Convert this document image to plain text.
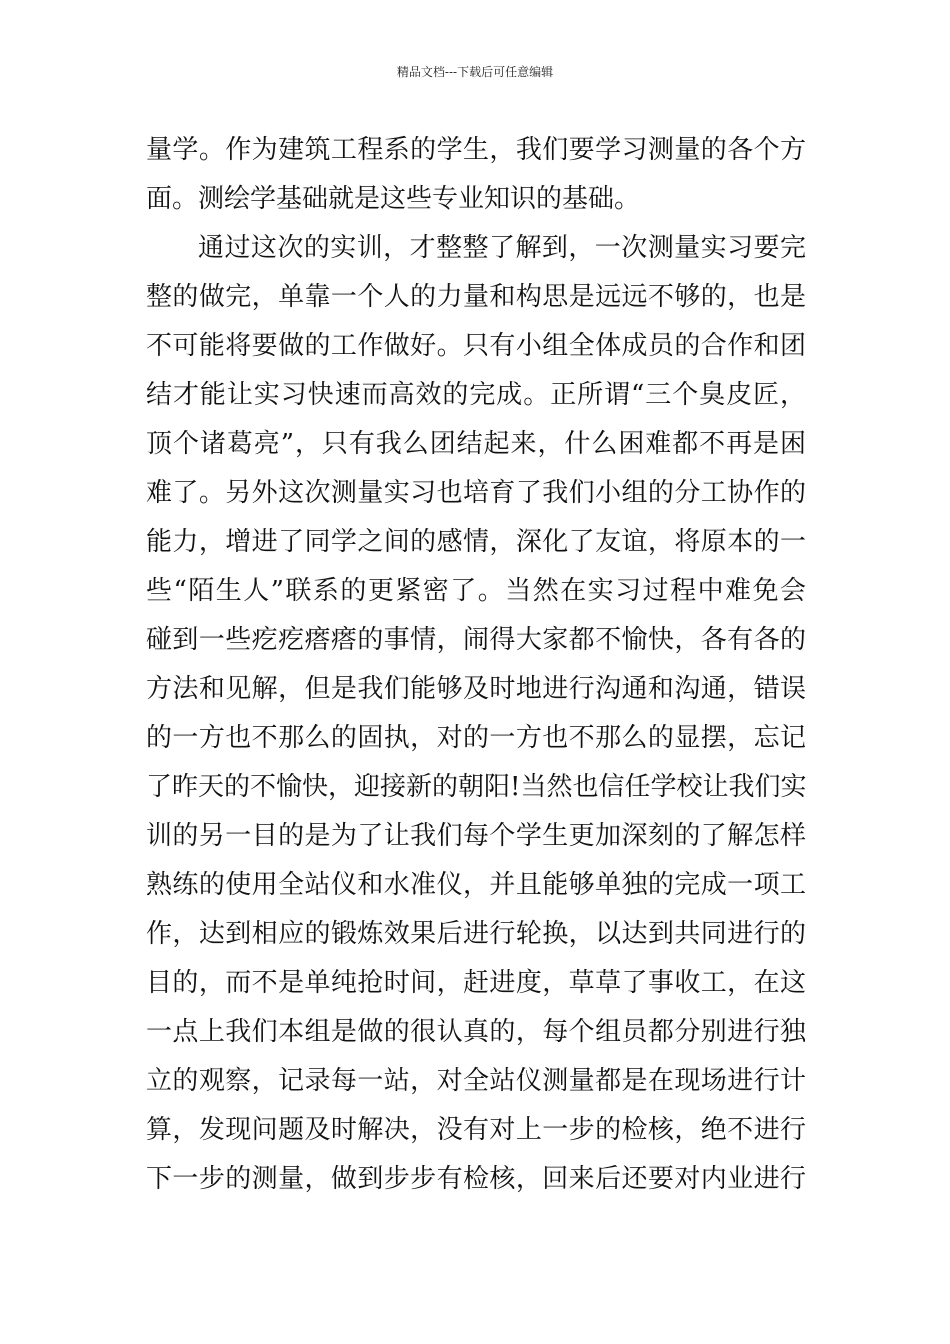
精品文档---下载后可任意编辑
量学。作为建筑工程系的学生，我们要学习测量的各个方
面。测绘学基础就是这些专业知识的基础。
通过这次的实训，才整整了解到，一次测量实习要完
整的做完，单靠一个人的力量和构思是远远不够的，也是
不可能将要做的工作做好。只有小组全体成员的合作和团
结才能让实习快速而高效的完成。正所谓“三个臭皮匠，
顶个诸葛亮”，只有我么团结起来，什么困难都不再是困
难了。另外这次测量实习也培育了我们小组的分工协作的
能力，增进了同学之间的感情，深化了友谊，将原本的一
些“陌生人”联系的更紧密了。当然在实习过程中难免会
碰到一些疙疙瘩瘩的事情，闹得大家都不愉快，各有各的
方法和见解，但是我们能够及时地进行沟通和沟通，错误
的一方也不那么的固执，对的一方也不那么的显摆，忘记
了昨天的不愉快，迎接新的朝阳!当然也信任学校让我们实
训的另一目的是为了让我们每个学生更加深刻的了解怎样
熟练的使用全站仪和水准仪，并且能够单独的完成一项工
作，达到相应的锻炼效果后进行轮换，以达到共同进行的
目的，而不是单纯抢时间，赶进度，草草了事收工，在这
一点上我们本组是做的很认真的，每个组员都分别进行独
立的观察，记录每一站，对全站仪测量都是在现场进行计
算，发现问题及时解决，没有对上一步的检核，绝不进行
下一步的测量，做到步步有检核，回来后还要对内业进行
